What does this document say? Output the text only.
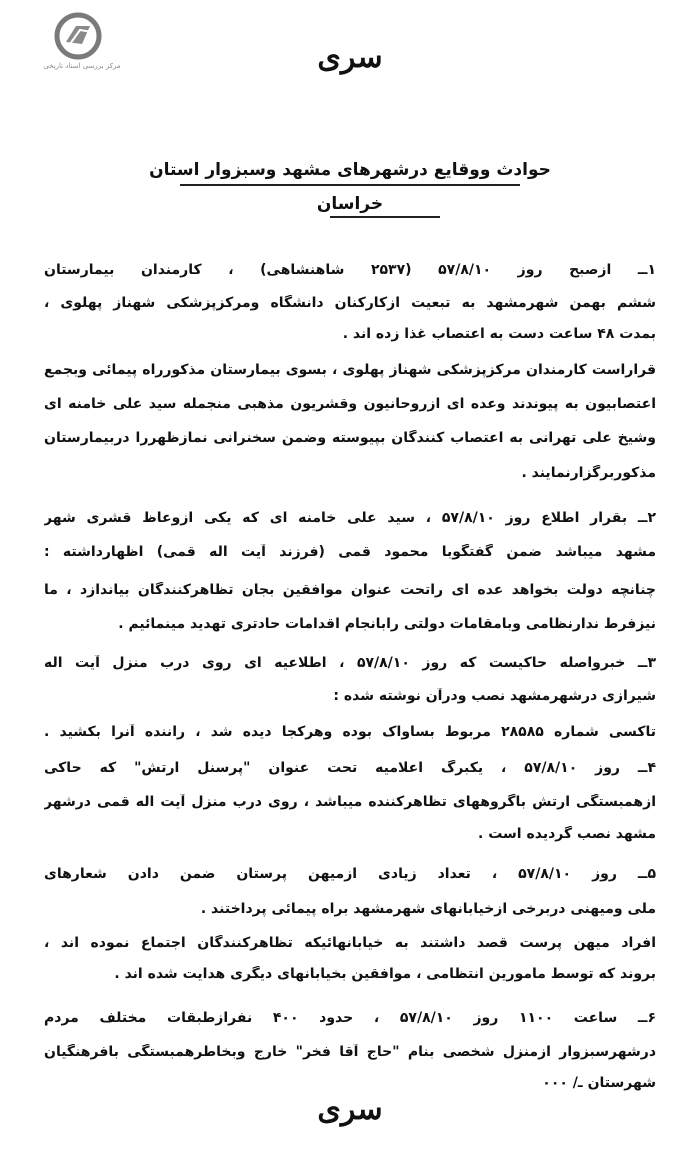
مرکز بررسی اسناد تاریخی	سری
حوادث ووقایع درشهرهای مشهد وسبزوار استان
خراسان
۱ــ ازصبح روز ۵۷/۸/۱۰ (۲۵۳۷ شاهنشاهی) ، کارمندان بیمارستان
ششم بهمن شهرمشهد به تبعیت ازکارکنان دانشگاه ومرکزپزشکی شهناز پهلوی ،
بمدت ۴۸ ساعت دست به اعتصاب غذا زده اند .
قراراست کارمندان مرکزپزشکی شهناز پهلوی ، بسوی بیمارستان مذکورراه پیمائی وبجمع
اعتصابیون به پیوندند وعده ای ازروحانیون وقشریون مذهبی منجمله سید علی خامنه ای
وشیخ علی تهرانی به اعتصاب کنندگان بپیوسته وضمن سخنرانی نمازظهررا دربیمارستان
مذکوربرگزارنمایند .
۲ــ بقرار اطلاع روز ۵۷/۸/۱۰ ، سید علی خامنه ای که یکی ازوعاظ قشری شهر
مشهد میباشد ضمن گفتگوبا محمود قمی (فرزند آیت اله قمی) اظهارداشته :
چنانچه دولت بخواهد عده ای راتحت عنوان موافقین بجان تظاهرکنندگان بیاندازد ، ما
نیزفرط ندارنظامی وبامقامات دولتی رابانجام اقدامات حادتری تهدید مینمائیم .
۳ــ خبرواصله حاکیست که روز ۵۷/۸/۱۰ ، اطلاعیه ای روی درب منزل آیت اله
شیرازی درشهرمشهد نصب ودرآن نوشته شده :
تاکسی شماره ۲۸۵۸۵ مربوط بساواک بوده وهرکجا دیده شد ، راننده آنرا بکشید .
۴ــ روز ۵۷/۸/۱۰ ، یکبرگ اعلامیه تحت عنوان "پرسنل ارتش" که حاکی
ازهمبستگی ارتش باگروههای تظاهرکننده میباشد ، روی درب منزل آیت اله قمی درشهر
مشهد نصب گردیده است .
۵ــ روز ۵۷/۸/۱۰ ، تعداد زیادی ازمیهن پرستان ضمن دادن شعارهای
ملی ومیهنی دربرخی ازخیابانهای شهرمشهد براه پیمائی پرداختند .
افراد میهن پرست قصد داشتند به خیابانهائیکه تظاهرکنندگان اجتماع نموده اند ،
بروند که توسط مامورین انتظامی ، موافقین بخیابانهای دیگری هدایت شده اند .
۶ــ ساعت ۱۱۰۰ روز ۵۷/۸/۱۰ ، حدود ۴۰۰ نفرازطبقات مختلف مردم
درشهرسبزوار ازمنزل شخصی بنام "حاج آقا فخر" خارج وبخاطرهمبستگی بافرهنگیان
شهرستان ـ/ ۰۰۰
سری
